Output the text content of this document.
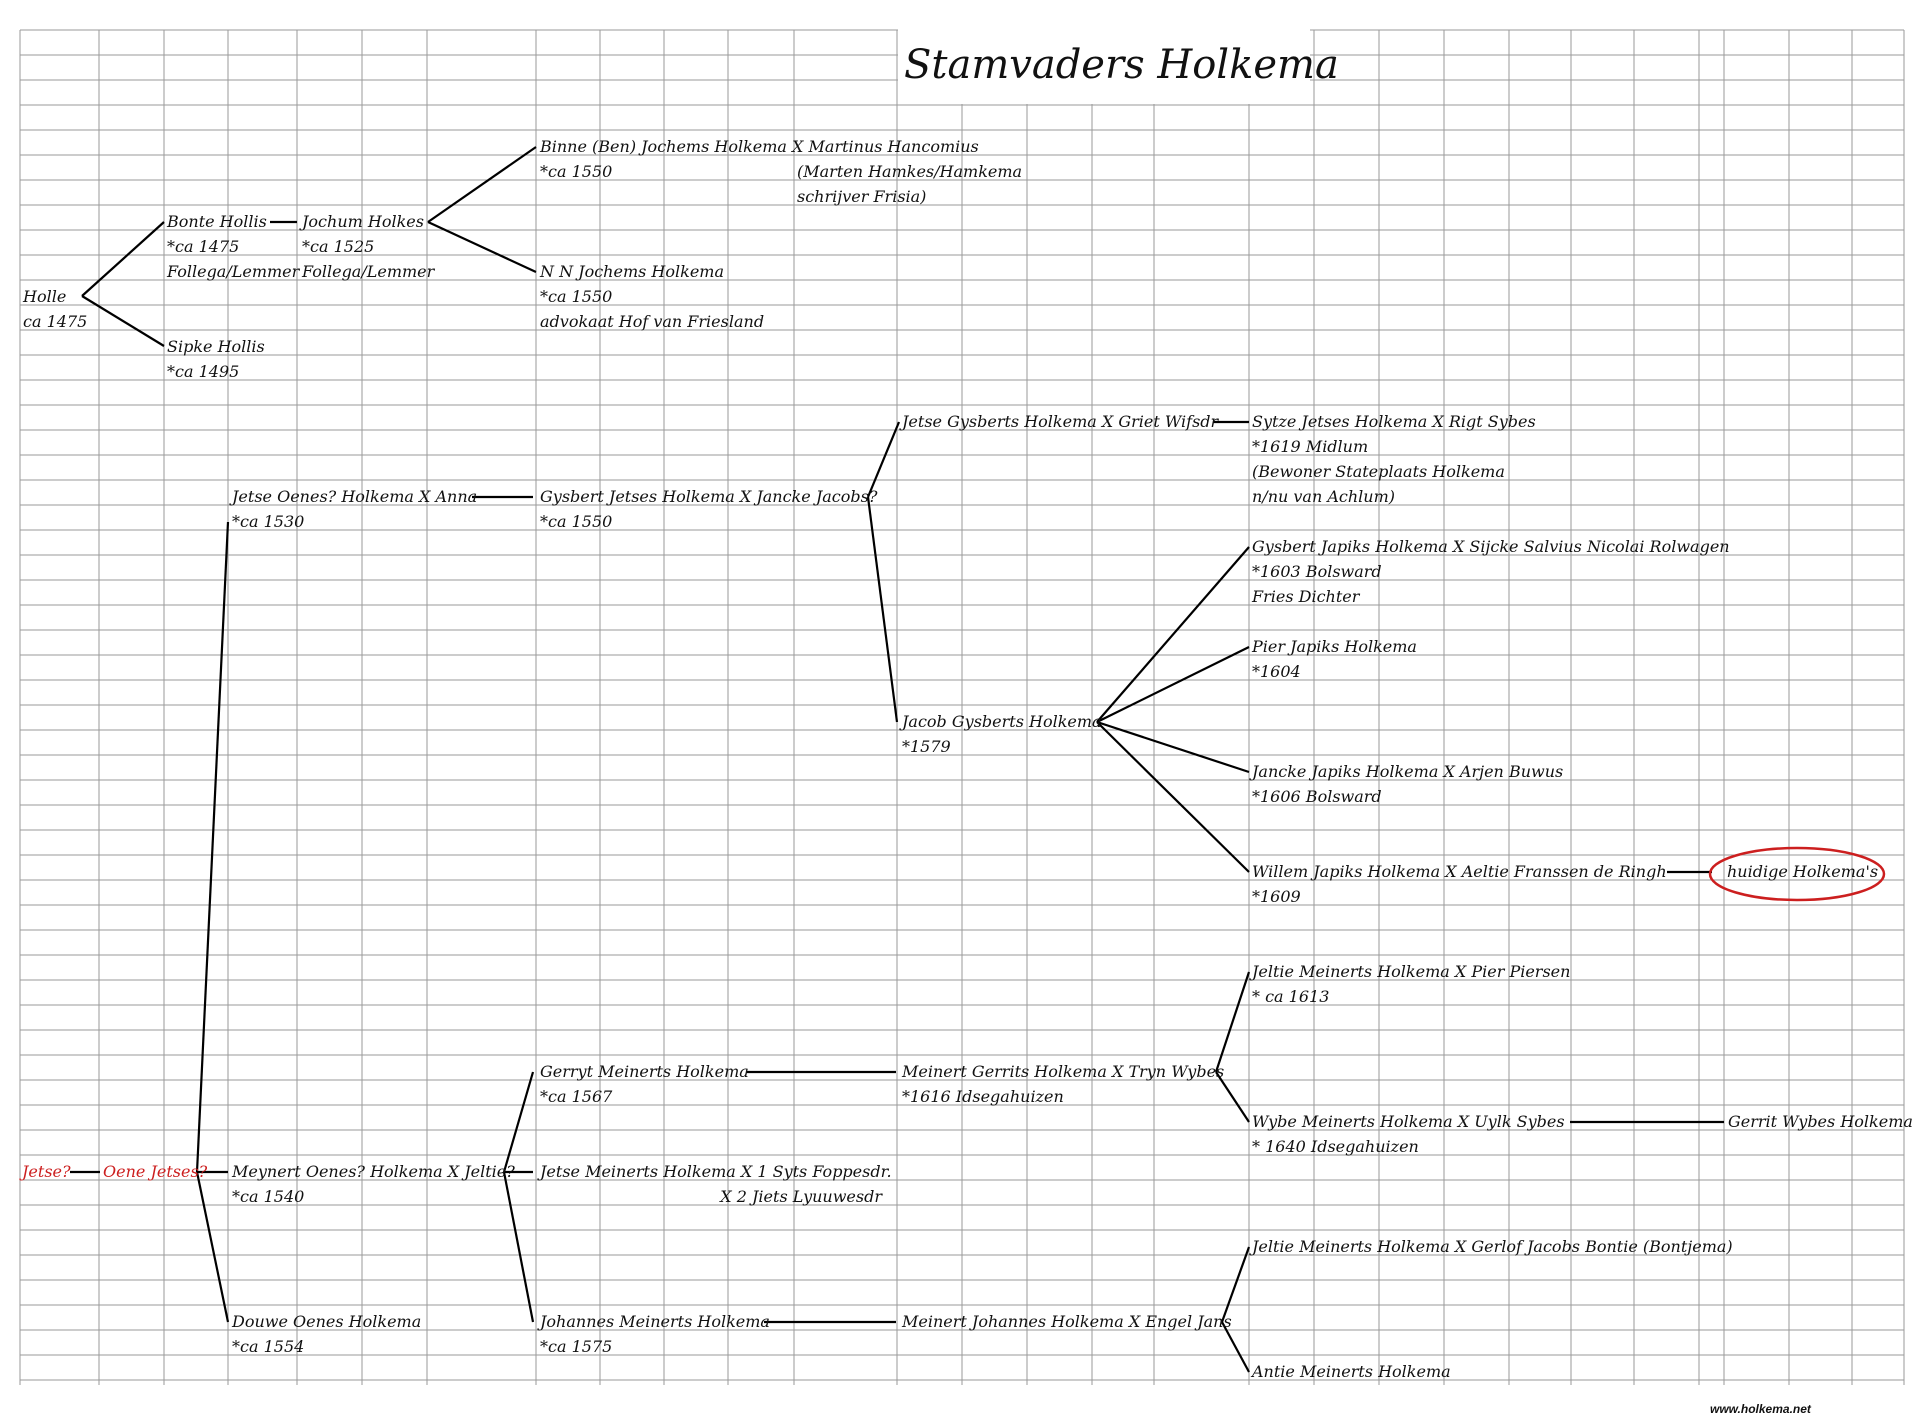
Stamvaders Holkema
Holle
ca 1475
Bonte Hollis
*ca 1475
Follega/Lemmer
Sipke Hollis
*ca 1495
Jochum Holkes
*ca 1525
Follega/Lemmer
Binne (Ben) Jochems Holkema X Martinus Hancomius
*ca 1550	(Marten Hamkes/Hamkema
schrijver Frisia)
N N Jochems Holkema
*ca 1550
advokaat Hof van Friesland
Jetse Oenes? Holkema X Anna
*ca 1530
Gysbert Jetses Holkema X Jancke Jacobs?
*ca 1550
Jetse Gysberts Holkema X Griet Wifsdr Sytze Jetses Holkema X Rigt Sybes
*1619 Midlum
(Bewoner Stateplaats Holkema
n/nu van Achlum)
Jacob Gysberts Holkema
*1579
Gysbert Japiks Holkema X Sijcke Salvius Nicolai Rolwagen
*1603 Bolsward
Fries Dichter
Pier Japiks Holkema
*1604
Jancke Japiks Holkema X Arjen Buwus
*1606 Bolsward
Willem Japiks Holkema X Aeltie Franssen de Ringh
*1609
huidige Holkema's
Jeltie Meinerts Holkema X Pier Piersen
* ca 1613
Gerryt Meinerts Holkema
*ca 1567
Meinert Gerrits Holkema X Tryn Wybes
*1616 Idsegahuizen
Wybe Meinerts Holkema X Uylk Sybes
* 1640 Idsegahuizen
Gerrit Wybes Holkema
Jetse? Oene Jetses? Meynert Oenes? Holkema X Jeltie?
*ca 1540
Jetse Meinerts Holkema X 1 Syts Foppesdr.
X 2 Jiets Lyuuwesdr
Douwe Oenes Holkema
*ca 1554
Johannes Meinerts Holkema
*ca 1575
Meinert Johannes Holkema X Engel Jans
Jeltie Meinerts Holkema X Gerlof Jacobs Bontie (Bontjema)
Antie Meinerts Holkema
www.holkema.net
